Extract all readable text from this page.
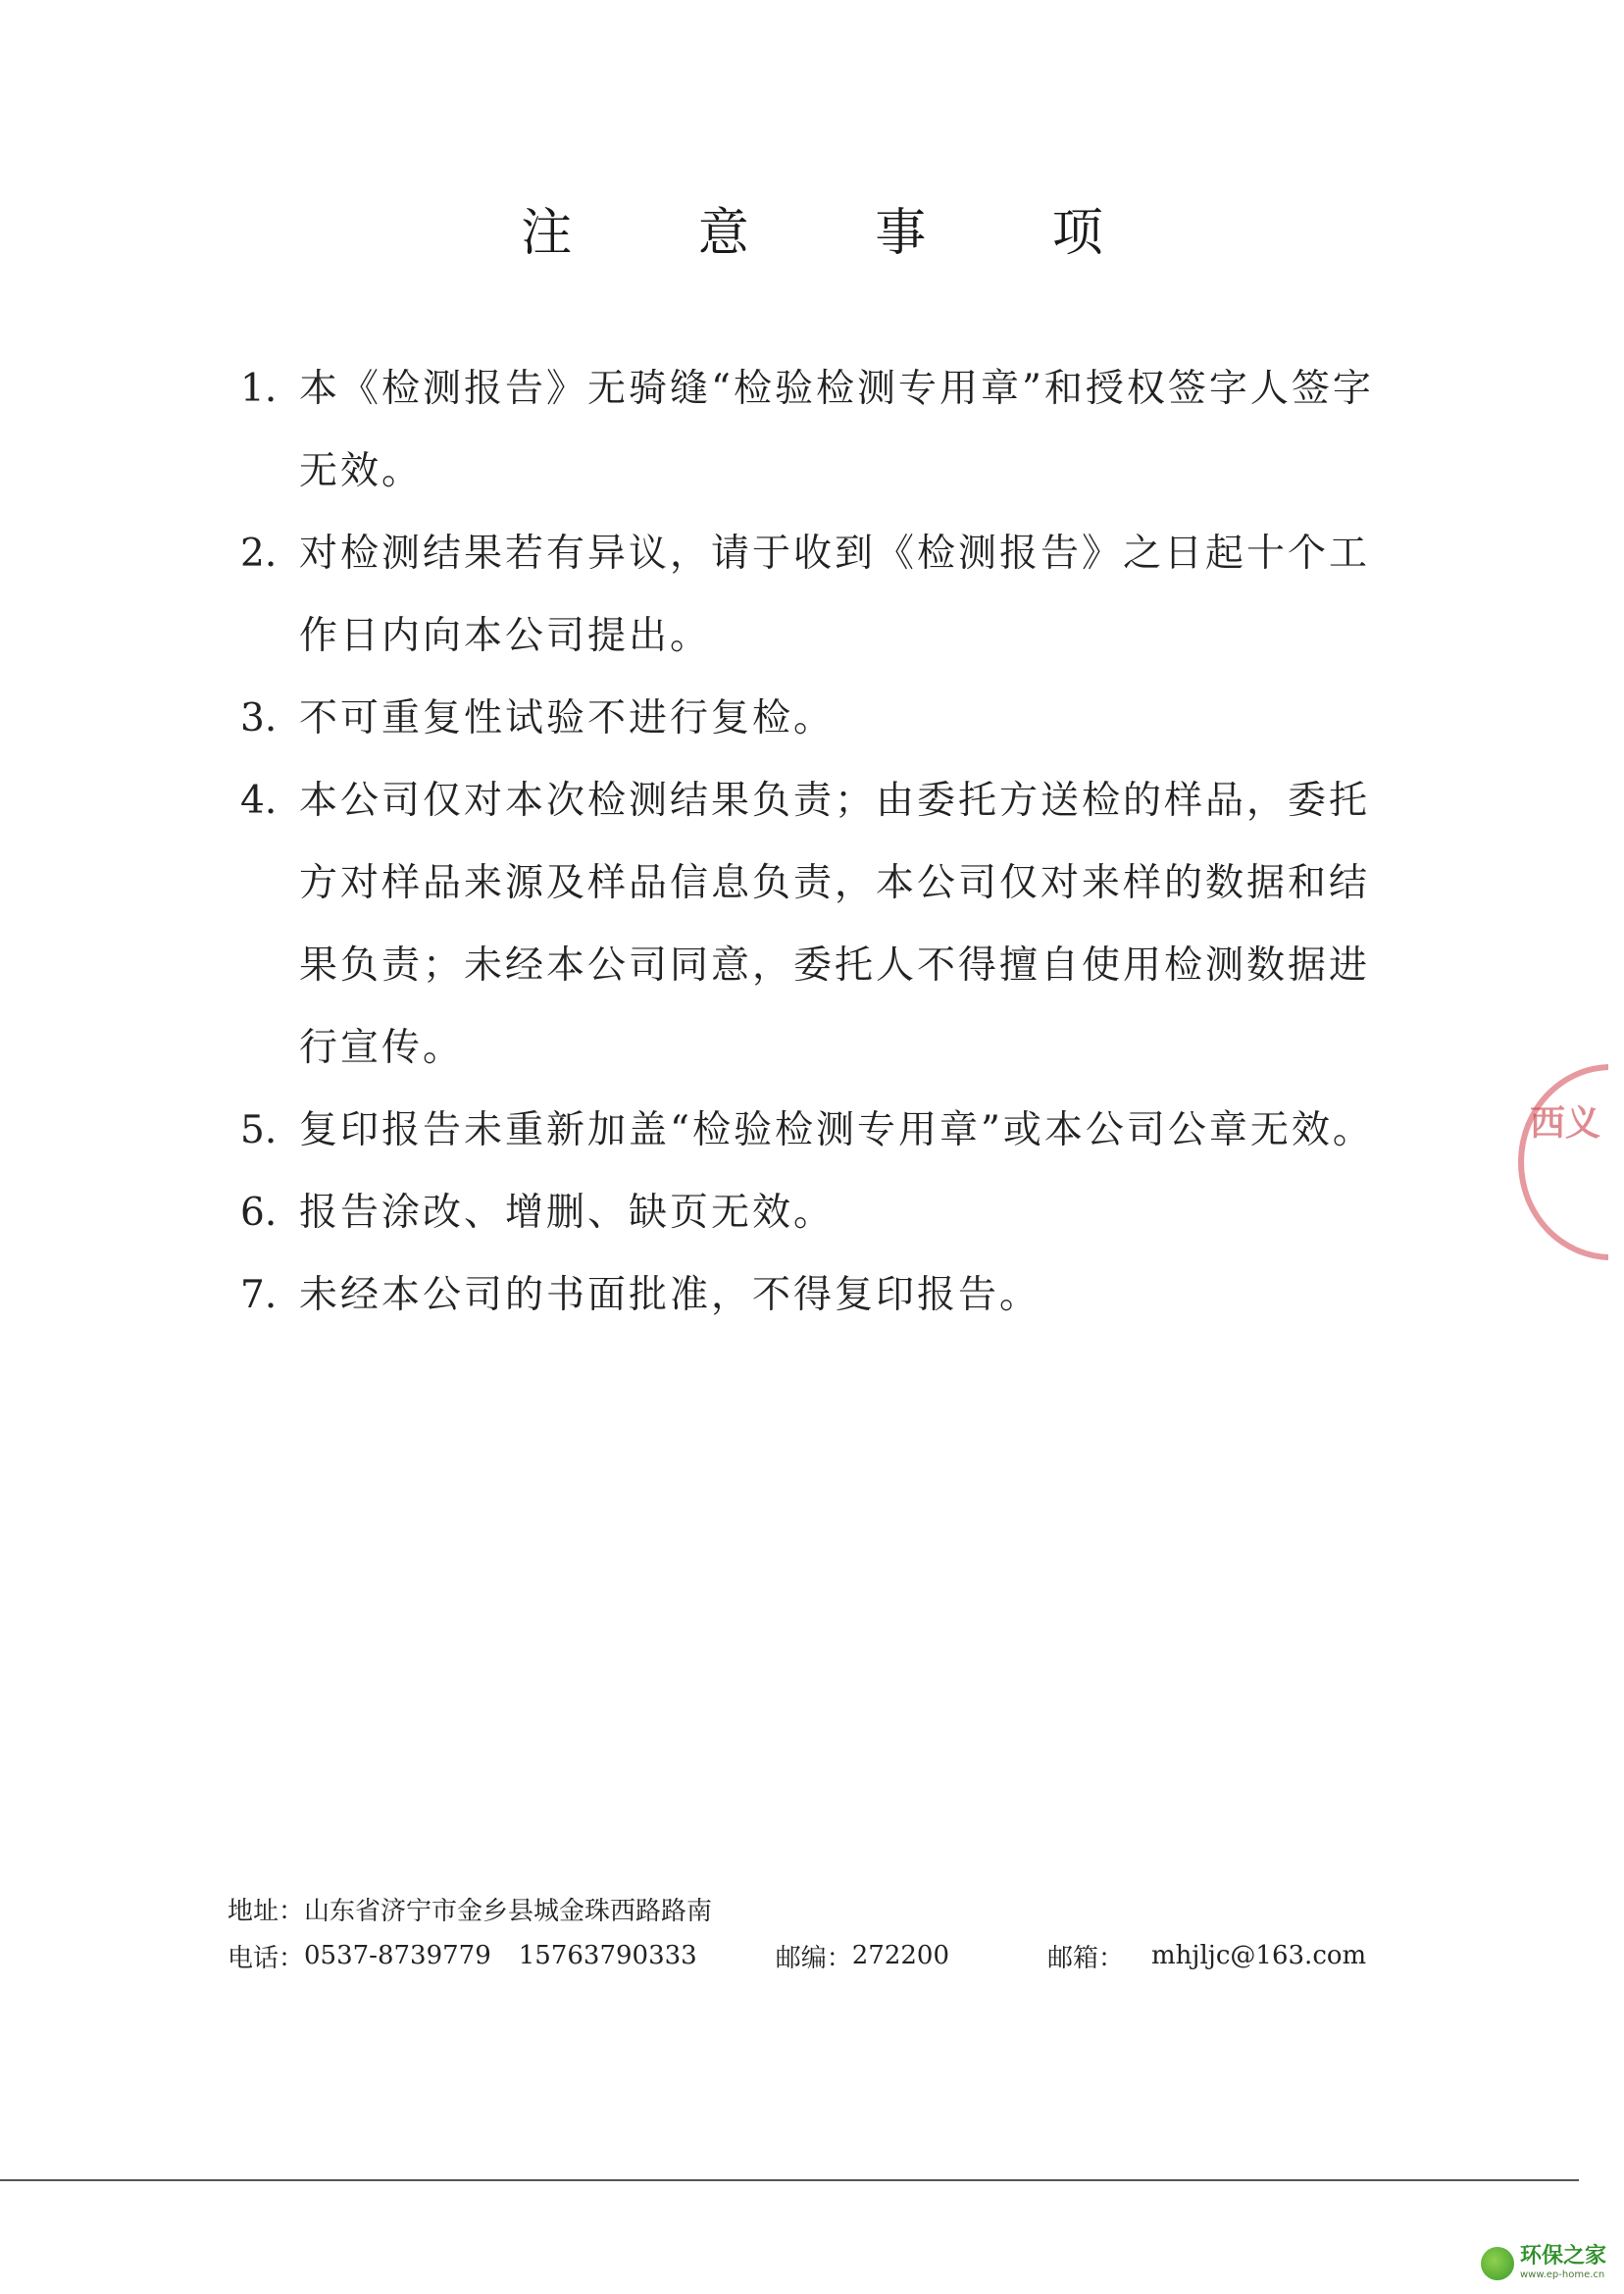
注 意 事 项
1. 本《检测报告》无骑缝“检验检测专用章”和授权签字人签字无效。
2. 对检测结果若有异议，请于收到《检测报告》之日起十个工作日内向本公司提出。
3. 不可重复性试验不进行复检。
4. 本公司仅对本次检测结果负责；由委托方送检的样品，委托方对样品来源及样品信息负责，本公司仅对来样的数据和结果负责；未经本公司同意，委托人不得擅自使用检测数据进行宣传。
5. 复印报告未重新加盖“检验检测专用章”或本公司公章无效。
6. 报告涂改、增删、缺页无效。
7. 未经本公司的书面批准，不得复印报告。
西义
地址： 山东省济宁市金乡县城金珠西路路南
电话： 0537-8739779 15763790333	邮编： 272200	邮箱： mhjljc@163.com
环保之家
www.ep-home.cn
